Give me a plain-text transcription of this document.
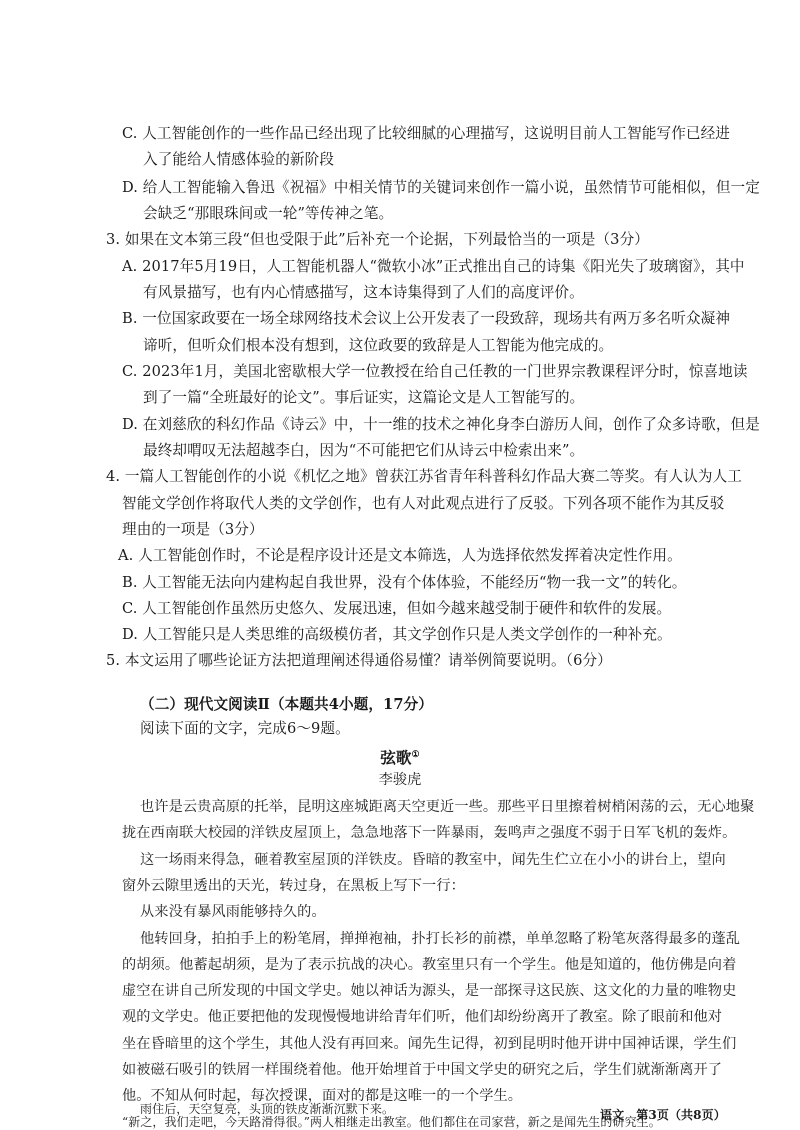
C. 人工智能创作的一些作品已经出现了比较细腻的心理描写，这说明目前人工智能写作已经进
入了能给人情感体验的新阶段
D. 给人工智能输入鲁迅《祝福》中相关情节的关键词来创作一篇小说，虽然情节可能相似，但一定
会缺乏“那眼珠间或一轮”等传神之笔。
3. 如果在文本第三段“但也受限于此”后补充一个论据，下列最恰当的一项是（3分）
A. 2017年5月19日，人工智能机器人“微软小冰”正式推出自己的诗集《阳光失了玻璃窗》，其中
有风景描写，也有内心情感描写，这本诗集得到了人们的高度评价。
B. 一位国家政要在一场全球网络技术会议上公开发表了一段致辞，现场共有两万多名听众凝神
谛听，但听众们根本没有想到，这位政要的致辞是人工智能为他完成的。
C. 2023年1月，美国北密歇根大学一位教授在给自己任教的一门世界宗教课程评分时，惊喜地读
到了一篇“全班最好的论文”。事后证实，这篇论文是人工智能写的。
D. 在刘慈欣的科幻作品《诗云》中，十一维的技术之神化身李白游历人间，创作了众多诗歌，但是
最终却喟叹无法超越李白，因为“不可能把它们从诗云中检索出来”。
4. 一篇人工智能创作的小说《机忆之地》曾获江苏省青年科普科幻作品大赛二等奖。有人认为人工
智能文学创作将取代人类的文学创作，也有人对此观点进行了反驳。下列各项不能作为其反驳
理由的一项是（3分）
A. 人工智能创作时，不论是程序设计还是文本筛选，人为选择依然发挥着决定性作用。
B. 人工智能无法向内建构起自我世界，没有个体体验，不能经历“物一我一文”的转化。
C. 人工智能创作虽然历史悠久、发展迅速，但如今越来越受制于硬件和软件的发展。
D. 人工智能只是人类思维的高级模仿者，其文学创作只是人类文学创作的一种补充。
5. 本文运用了哪些论证方法把道理阐述得通俗易懂？请举例简要说明。（6分）
（二）现代文阅读Ⅱ（本题共4小题，17分）
阅读下面的文字，完成6～9题。
弦歌①
李骏虎
也许是云贵高原的托举，昆明这座城距离天空更近一些。那些平日里擦着树梢闲荡的云，无心地聚
拢在西南联大校园的洋铁皮屋顶上，急急地落下一阵暴雨，轰鸣声之强度不弱于日军飞机的轰炸。
这一场雨来得急，砸着教室屋顶的洋铁皮。昏暗的教室中，闻先生伫立在小小的讲台上，望向
窗外云隙里透出的天光，转过身，在黑板上写下一行：
从来没有暴风雨能够持久的。
他转回身，拍拍手上的粉笔屑，掸掸袍袖，扑打长衫的前襟，单单忽略了粉笔灰落得最多的蓬乱
的胡须。他蓄起胡须，是为了表示抗战的决心。教室里只有一个学生。他是知道的，他仿佛是向着
虚空在讲自己所发现的中国文学史。她以神话为源头，是一部探寻这民族、这文化的力量的唯物史
观的文学史。他正要把他的发现慢慢地讲给青年们听，他们却纷纷离开了教室。除了眼前和他对
坐在昏暗里的这个学生，其他人没有再回来。闻先生记得，初到昆明时他开讲中国神话课，学生们
如被磁石吸引的铁屑一样围绕着他。他开始埋首于中国文学史的研究之后，学生们就渐渐离开了
他。不知从何时起，每次授课，面对的都是这唯一的一个学生。
雨住后，天空复亮，头顶的铁皮渐渐沉默下来。
“新之，我们走吧，今天路滑得很。”两人相继走出教室。他们都住在司家营，新之是闻先生的研究生。
语文　第3页（共8页）
